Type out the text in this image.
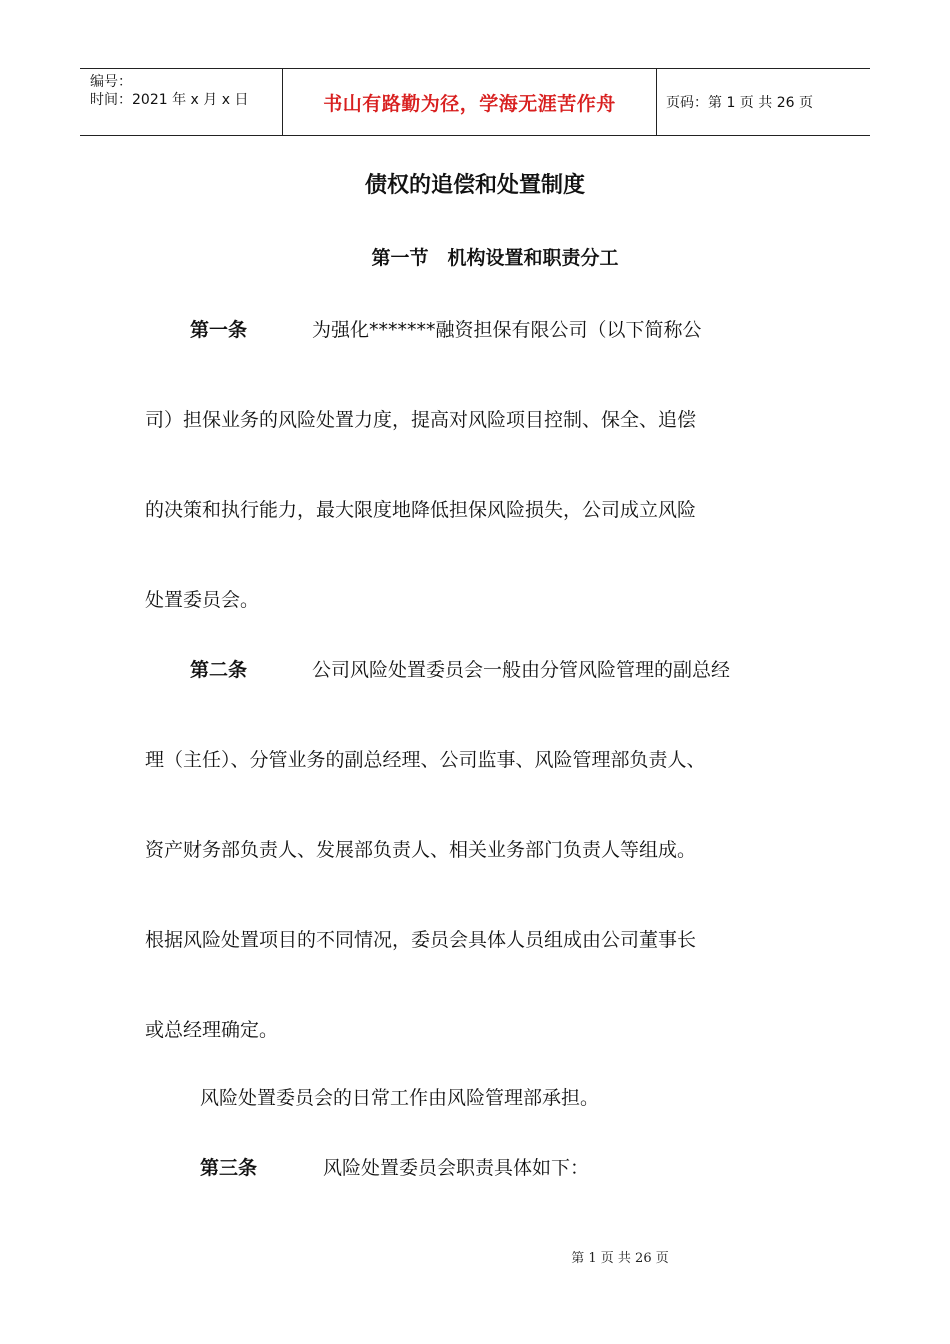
编号：
时间：2021 年 x 月 x 日	书山有路勤为径，学海无涯苦作舟	页码：第 1 页 共 26 页
债权的追偿和处置制度
第一节　机构设置和职责分工
第一条	为强化*******融资担保有限公司（以下简称公
司）担保业务的风险处置力度，提高对风险项目控制、保全、追偿
的决策和执行能力，最大限度地降低担保风险损失，公司成立风险
处置委员会。
第二条	公司风险处置委员会一般由分管风险管理的副总经
理（主任）、分管业务的副总经理、公司监事、风险管理部负责人、
资产财务部负责人、发展部负责人、相关业务部门负责人等组成。
根据风险处置项目的不同情况，委员会具体人员组成由公司董事长
或总经理确定。
风险处置委员会的日常工作由风险管理部承担。
第三条	风险处置委员会职责具体如下：
第 1 页 共 26 页
